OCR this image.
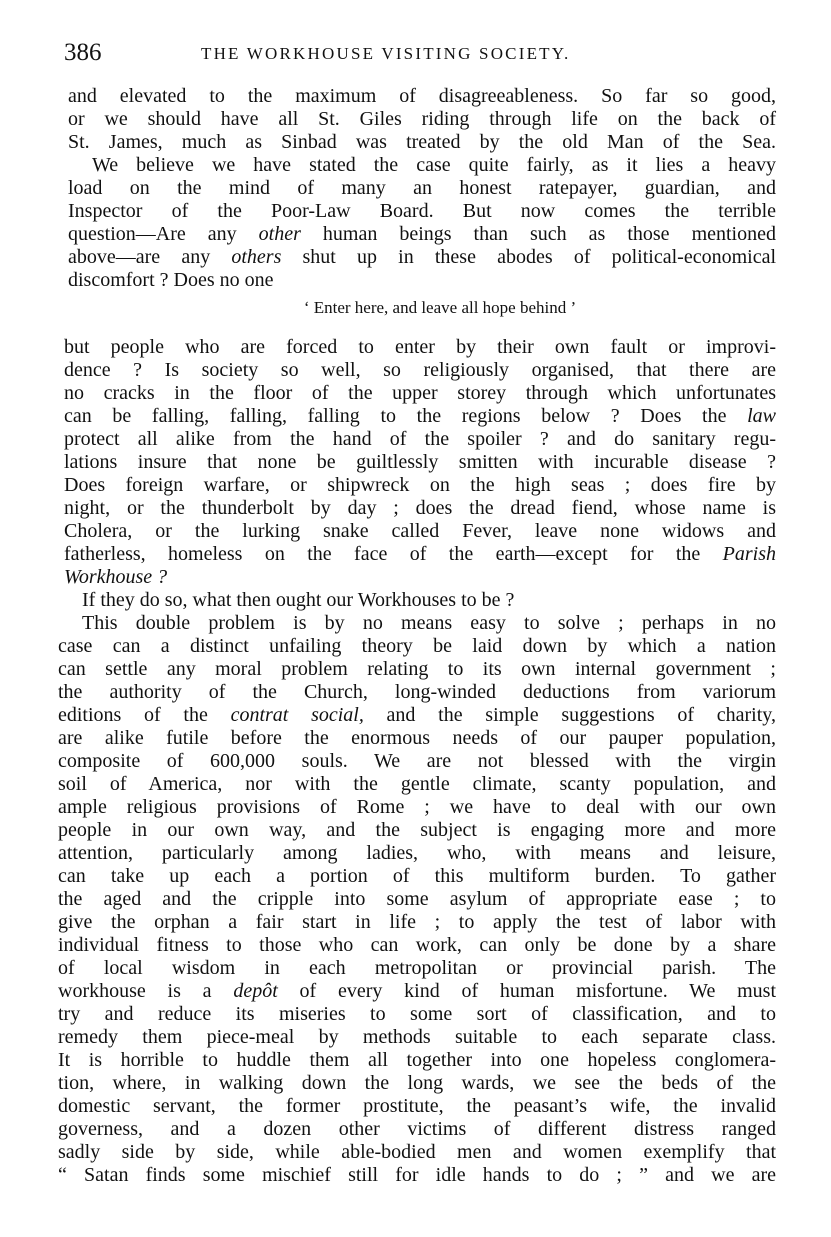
386	THE WORKHOUSE VISITING SOCIETY.
‘ Enter here, and leave all hope behind ’
and elevated to the maximum of disagreeableness. So far so good,
or we should have all St. Giles riding through life on the back of
St. James, much as Sinbad was treated by the old Man of the Sea.
We believe we have stated the case quite fairly, as it lies a heavy
load on the mind of many an honest ratepayer, guardian, and
Inspector of the Poor-Law Board. But now comes the terrible
question—Are any other human beings than such as those mentioned
above—are any others shut up in these abodes of political-economical
discomfort ? Does no one
but people who are forced to enter by their own fault or improvi-
dence ? Is society so well, so religiously organised, that there are
no cracks in the floor of the upper storey through which unfortunates
can be falling, falling, falling to the regions below ? Does the law
protect all alike from the hand of the spoiler ? and do sanitary regu-
lations insure that none be guiltlessly smitten with incurable disease ?
Does foreign warfare, or shipwreck on the high seas ; does fire by
night, or the thunderbolt by day ; does the dread fiend, whose name is
Cholera, or the lurking snake called Fever, leave none widows and
fatherless, homeless on the face of the earth—except for the Parish
Workhouse ?
If they do so, what then ought our Workhouses to be ?
This double problem is by no means easy to solve ; perhaps in no
case can a distinct unfailing theory be laid down by which a nation
can settle any moral problem relating to its own internal government ;
the authority of the Church, long-winded deductions from variorum
editions of the contrat social, and the simple suggestions of charity,
are alike futile before the enormous needs of our pauper population,
composite of 600,000 souls. We are not blessed with the virgin
soil of America, nor with the gentle climate, scanty population, and
ample religious provisions of Rome ; we have to deal with our own
people in our own way, and the subject is engaging more and more
attention, particularly among ladies, who, with means and leisure,
can take up each a portion of this multiform burden. To gather
the aged and the cripple into some asylum of appropriate ease ; to
give the orphan a fair start in life ; to apply the test of labor with
individual fitness to those who can work, can only be done by a share
of local wisdom in each metropolitan or provincial parish. The
workhouse is a depôt of every kind of human misfortune. We must
try and reduce its miseries to some sort of classification, and to
remedy them piece-meal by methods suitable to each separate class.
It is horrible to huddle them all together into one hopeless conglomera-
tion, where, in walking down the long wards, we see the beds of the
domestic servant, the former prostitute, the peasant’s wife, the invalid
governess, and a dozen other victims of different distress ranged
sadly side by side, while able-bodied men and women exemplify that
“ Satan finds some mischief still for idle hands to do ; ” and we are
